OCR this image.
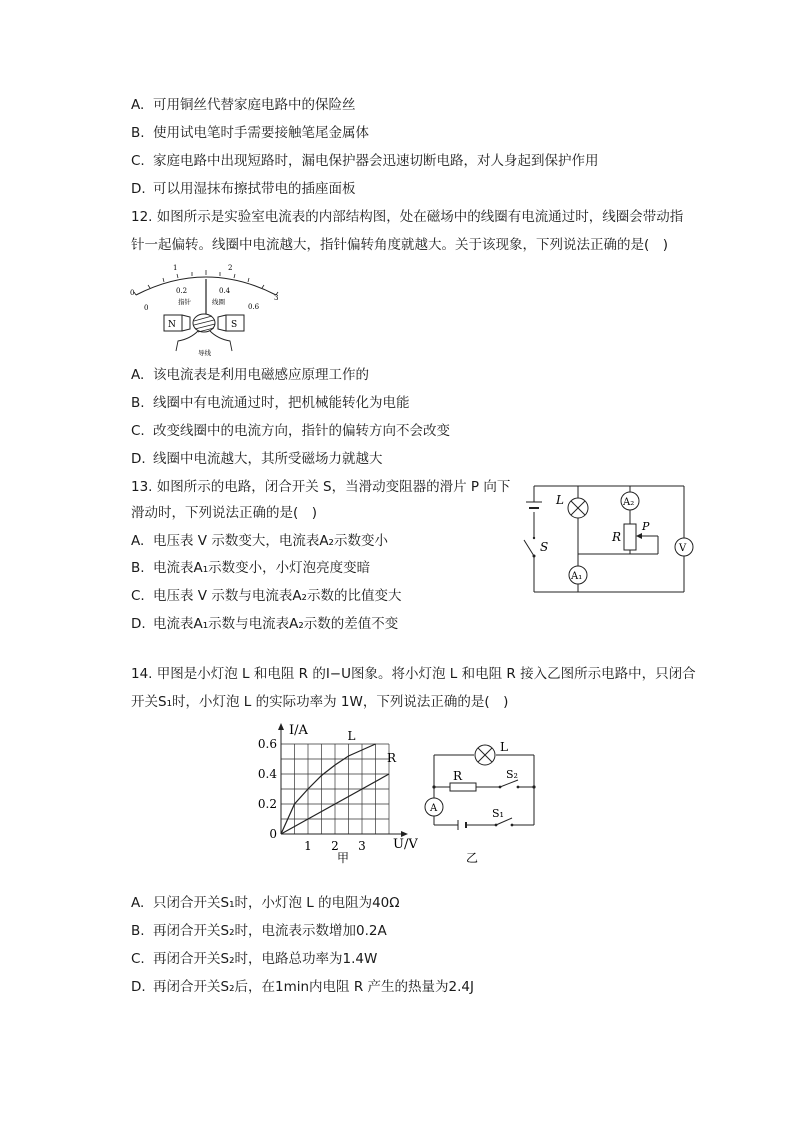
A. 可用铜丝代替家庭电路中的保险丝
B. 使用试电笔时手需要接触笔尾金属体
C. 家庭电路中出现短路时，漏电保护器会迅速切断电路，对人身起到保护作用
D. 可以用湿抹布擦拭带电的插座面板
12. 如图所示是实验室电流表的内部结构图，处在磁场中的线圈有电流通过时，线圈会带动指
针一起偏转。线圈中电流越大，指针偏转角度就越大。关于该现象，下列说法正确的是(　)
0
1	2
3
0
0.2	0.4
0.6
指针	线圈
N	S
导线
A. 该电流表是利用电磁感应原理工作的
B. 线圈中有电流通过时，把机械能转化为电能
C. 改变线圈中的电流方向，指针的偏转方向不会改变
D. 线圈中电流越大，其所受磁场力就越大
13. 如图所示的电路，闭合开关 S，当滑动变阻器的滑片 P 向下
滑动时，下列说法正确的是(　)
S
L	A₂
R
P
V
A₁
A. 电压表 V 示数变大，电流表A₂示数变小
B. 电流表A₁示数变小，小灯泡亮度变暗
C. 电压表 V 示数与电流表A₂示数的比值变大
D. 电流表A₁示数与电流表A₂示数的差值不变
14. 甲图是小灯泡 L 和电阻 R 的I−U图象。将小灯泡 L 和电阻 R 接入乙图所示电路中，只闭合
开关S₁时，小灯泡 L 的实际功率为 1W，下列说法正确的是(　)
0.6
0.4
0.2
0
1 2 3
L
R
I/A
U/V
甲
L
R	S₂
A	S₁
乙
A. 只闭合开关S₁时，小灯泡 L 的电阻为40Ω
B. 再闭合开关S₂时，电流表示数增加0.2A
C. 再闭合开关S₂时，电路总功率为1.4W
D. 再闭合开关S₂后，在1min内电阻 R 产生的热量为2.4J
